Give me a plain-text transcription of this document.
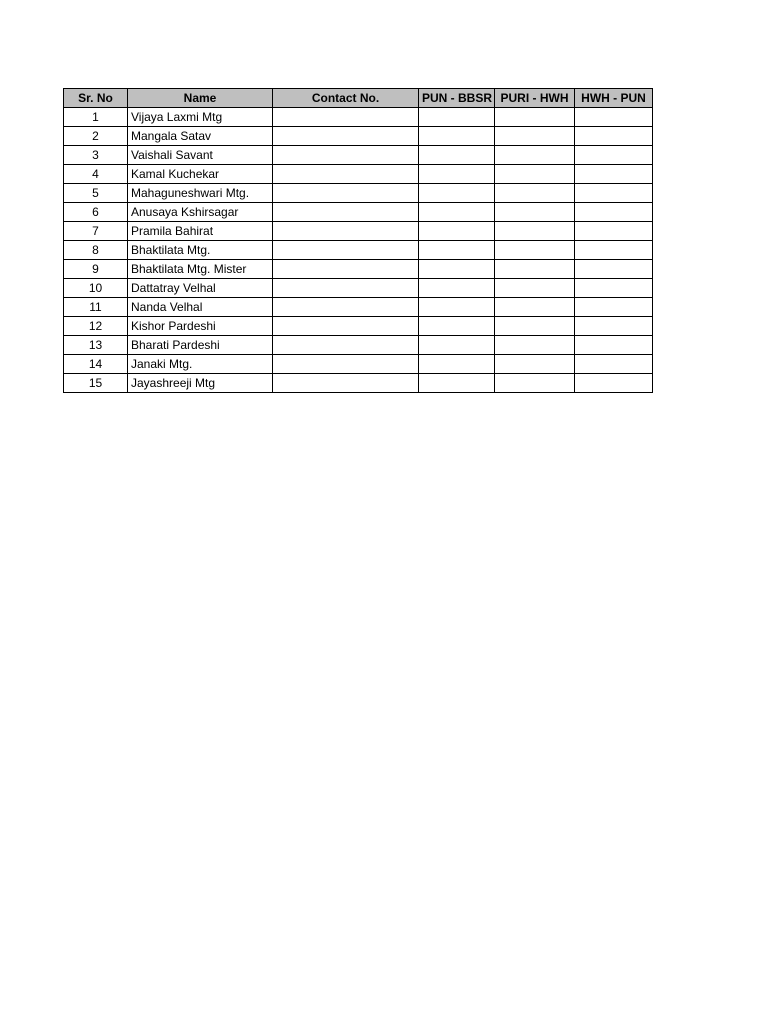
Sr. No	Name	Contact No.	PUN - BBSR	PURI - HWH	HWH - PUN
1	Vijaya Laxmi Mtg				
2	Mangala Satav				
3	Vaishali Savant				
4	Kamal Kuchekar				
5	Mahaguneshwari Mtg.				
6	Anusaya Kshirsagar				
7	Pramila Bahirat				
8	Bhaktilata Mtg.				
9	Bhaktilata Mtg. Mister				
10	Dattatray Velhal				
11	Nanda Velhal				
12	Kishor Pardeshi				
13	Bharati Pardeshi				
14	Janaki Mtg.				
15	Jayashreeji Mtg				
